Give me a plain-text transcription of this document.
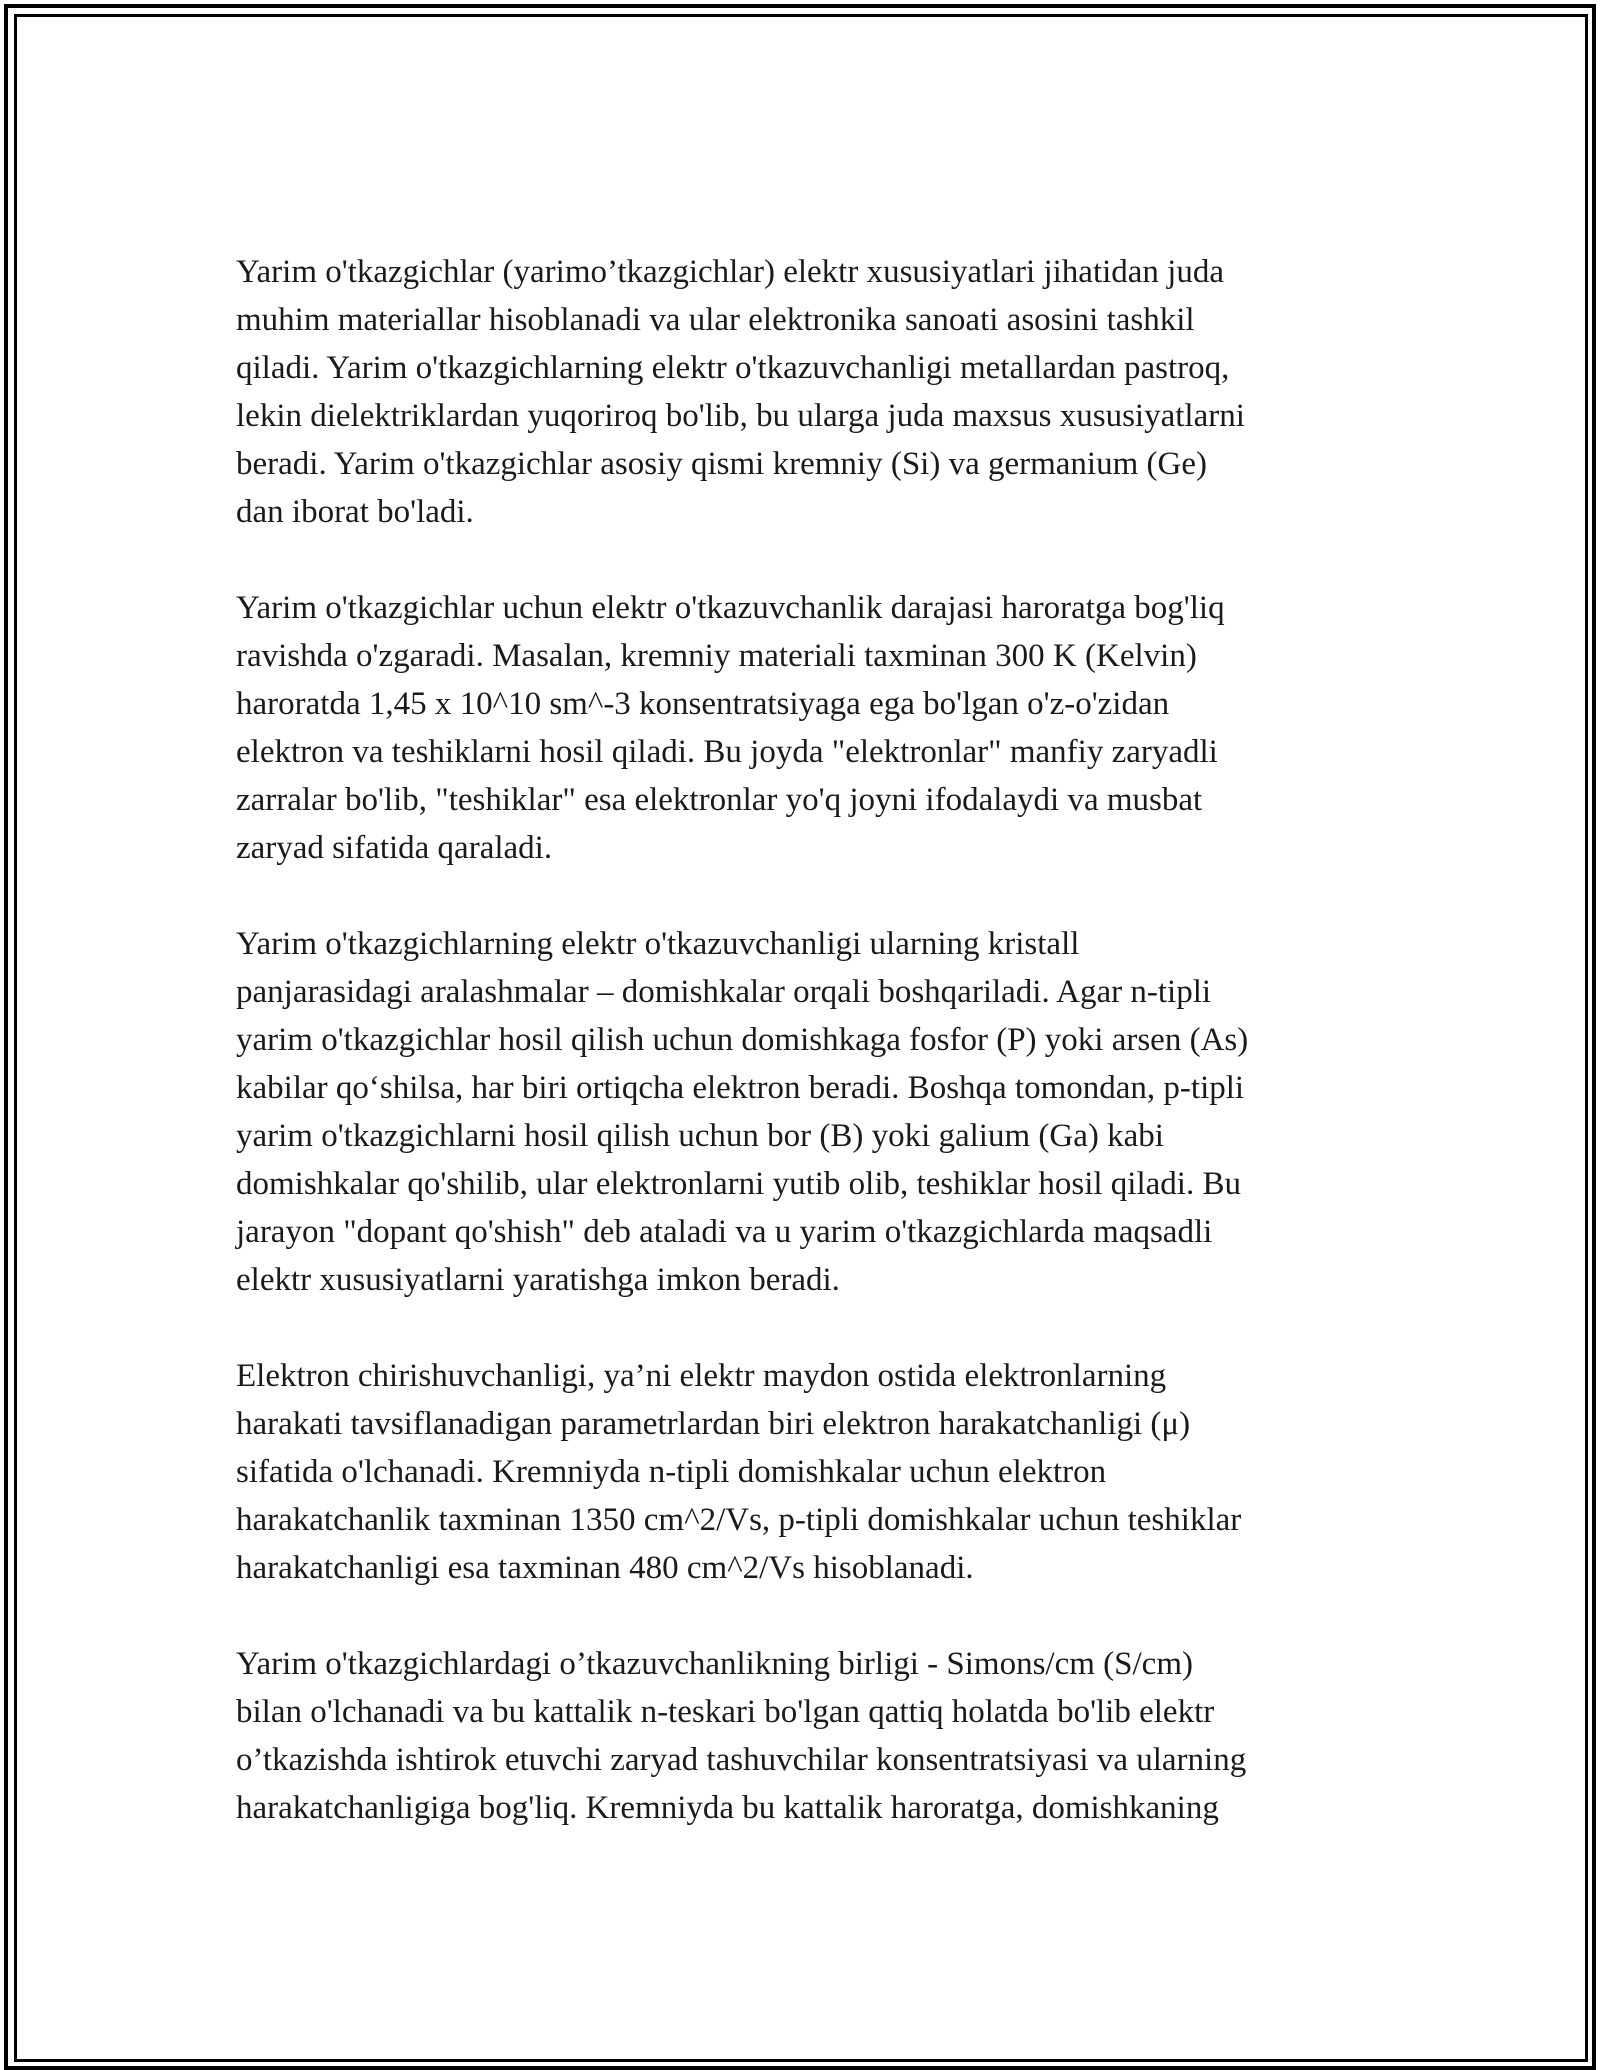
Yarim o'tkazgichlar (yarimo’tkazgichlar) elektr xususiyatlari jihatidan juda
muhim materiallar hisoblanadi va ular elektronika sanoati asosini tashkil
qiladi. Yarim o'tkazgichlarning elektr o'tkazuvchanligi metallardan pastroq,
lekin dielektriklardan yuqoriroq bo'lib, bu ularga juda maxsus xususiyatlarni
beradi. Yarim o'tkazgichlar asosiy qismi kremniy (Si) va germanium (Ge)
dan iborat bo'ladi.

Yarim o'tkazgichlar uchun elektr o'tkazuvchanlik darajasi haroratga bog'liq
ravishda o'zgaradi. Masalan, kremniy materiali taxminan 300 K (Kelvin)
haroratda 1,45 x 10^10 sm^-3 konsentratsiyaga ega bo'lgan o'z-o'zidan
elektron va teshiklarni hosil qiladi. Bu joyda "elektronlar" manfiy zaryadli
zarralar bo'lib, "teshiklar" esa elektronlar yo'q joyni ifodalaydi va musbat
zaryad sifatida qaraladi.

Yarim o'tkazgichlarning elektr o'tkazuvchanligi ularning kristall
panjarasidagi aralashmalar – domishkalar orqali boshqariladi. Agar n-tipli
yarim o'tkazgichlar hosil qilish uchun domishkaga fosfor (P) yoki arsen (As)
kabilar qo‘shilsa, har biri ortiqcha elektron beradi. Boshqa tomondan, p-tipli
yarim o'tkazgichlarni hosil qilish uchun bor (B) yoki galium (Ga) kabi
domishkalar qo'shilib, ular elektronlarni yutib olib, teshiklar hosil qiladi. Bu
jarayon "dopant qo'shish" deb ataladi va u yarim o'tkazgichlarda maqsadli
elektr xususiyatlarni yaratishga imkon beradi.

Elektron chirishuvchanligi, ya’ni elektr maydon ostida elektronlarning
harakati tavsiflanadigan parametrlardan biri elektron harakatchanligi (μ)
sifatida o'lchanadi. Kremniyda n-tipli domishkalar uchun elektron
harakatchanlik taxminan 1350 cm^2/Vs, p-tipli domishkalar uchun teshiklar
harakatchanligi esa taxminan 480 cm^2/Vs hisoblanadi.

Yarim o'tkazgichlardagi o’tkazuvchanlikning birligi - Simons/cm (S/cm)
bilan o'lchanadi va bu kattalik n-teskari bo'lgan qattiq holatda bo'lib elektr
o’tkazishda ishtirok etuvchi zaryad tashuvchilar konsentratsiyasi va ularning
harakatchanligiga bog'liq. Kremniyda bu kattalik haroratga, domishkaning
